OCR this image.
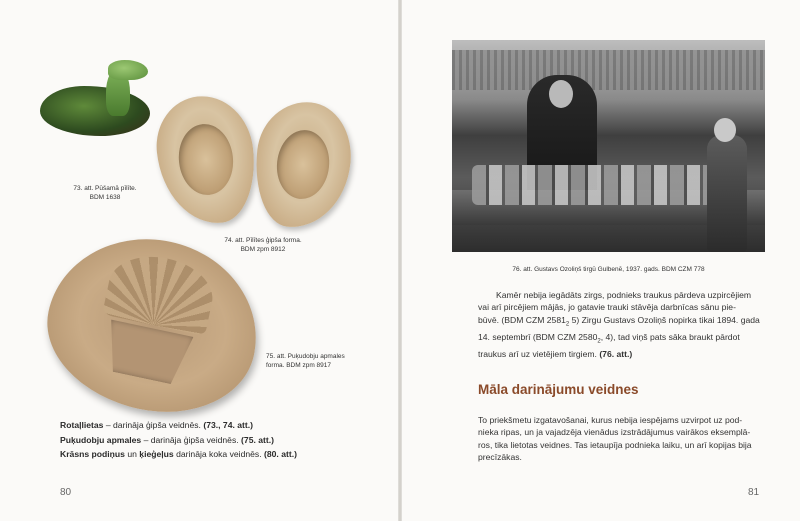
73. att. Pūšamā pīlīte.
BDM 1638
74. att. Pīlītes ģipša forma.
BDM zpm 8912
75. att. Puķudobju apmales
forma. BDM zpm 8917
Rotaļlietas – darināja ģipša veidnēs. (73., 74. att.)
Puķudobju apmales – darināja ģipša veidnēs. (75. att.)
Krāsns podiņus un ķieģeļus darināja koka veidnēs. (80. att.)
80
76. att. Gustavs Ozoliņš tirgū Gulbenē, 1937. gads. BDM CZM 778

Kamēr nebija iegādāts zirgs, podnieks traukus pārdeva uzpircējiem

vai arī pircējiem mājās, jo gatavie trauki stāvēja darbnīcas sānu pie-

būvē. (BDM CZM $2581_2$ 5) Zirgu Gustavs Ozoliņš nopirka tikai 1894. gada

14. septembrī (BDM CZM $2580_2$, 4), tad viņš pats sāka braukt pārdot

traukus arī uz vietējiem tirgiem. (76. att.)

Māla darinājumu veidnes

To priekšmetu izgatavošanai, kurus nebija iespējams uzvirpot uz pod-

nieka ripas, un ja vajadzēja vienādus izstrādājumus vairākos eksemplā-

ros, tika lietotas veidnes. Tas ietaupīja podnieka laiku, un arī kopijas bija

precīzākas.

81
